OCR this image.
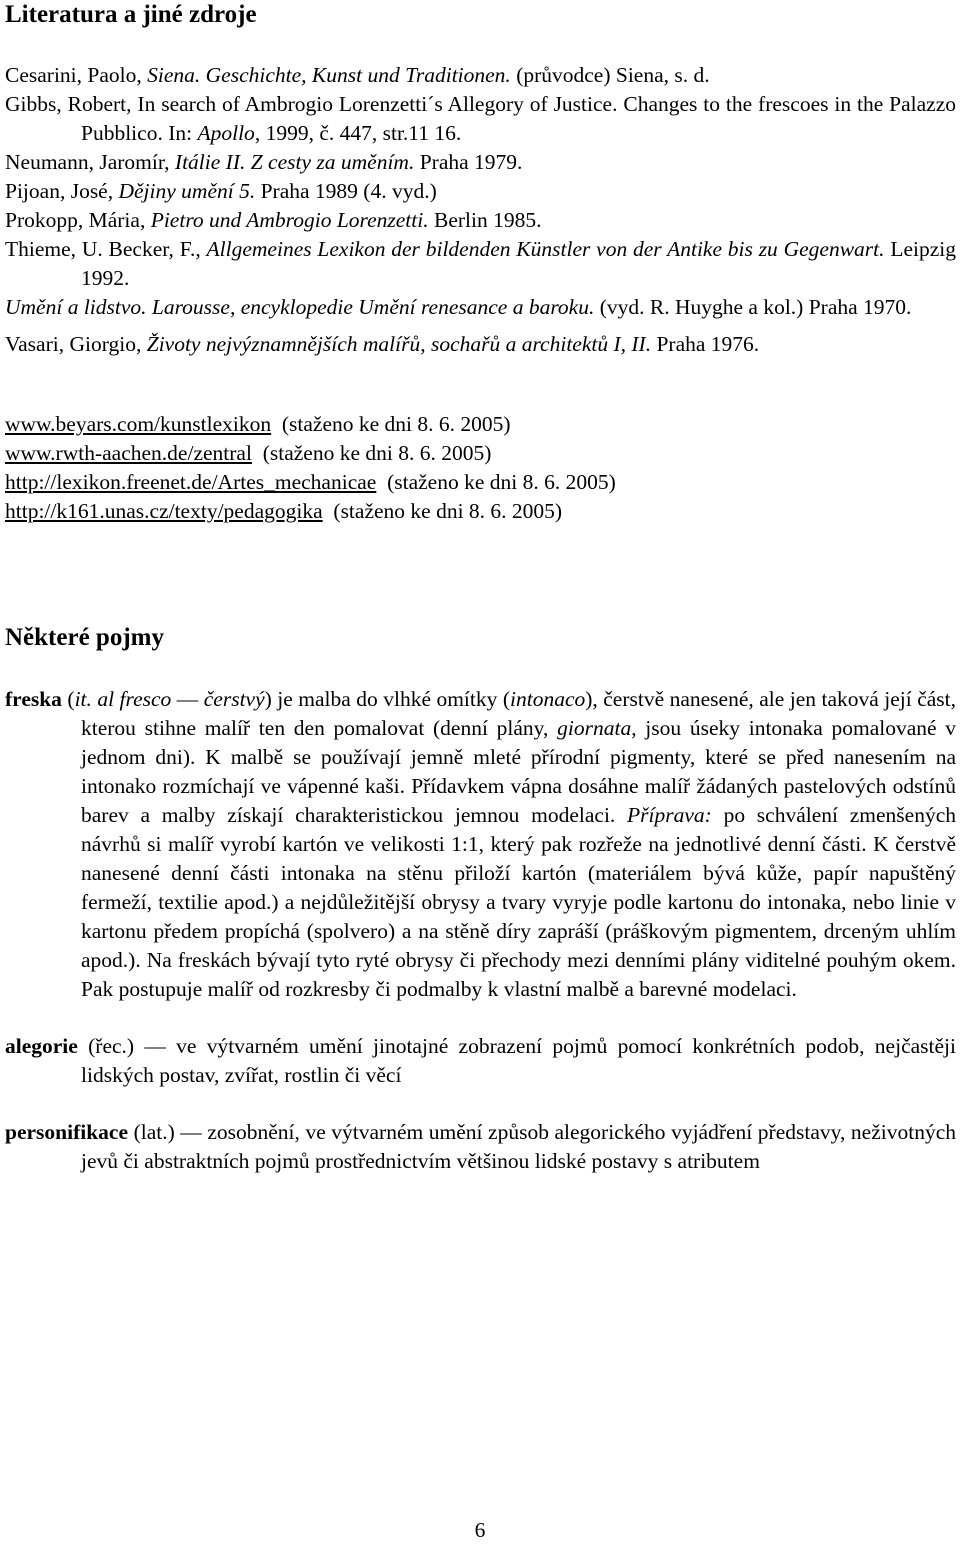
Literatura a jiné zdroje
Cesarini, Paolo, Siena. Geschichte, Kunst und Traditionen. (průvodce) Siena, s. d.
Gibbs, Robert, In search of Ambrogio Lorenzetti´s Allegory of Justice. Changes to the frescoes in the Palazzo Pubblico. In: Apollo, 1999, č. 447, str.11 16.
Neumann, Jaromír, Itálie II. Z cesty za uměním. Praha 1979.
Pijoan, José, Dějiny umění 5. Praha 1989 (4. vyd.)
Prokopp, Mária, Pietro und Ambrogio Lorenzetti. Berlin 1985.
Thieme, U. Becker, F., Allgemeines Lexikon der bildenden Künstler von der Antike bis zu Gegenwart. Leipzig 1992.
Umění a lidstvo. Larousse, encyklopedie Umění renesance a baroku. (vyd. R. Huyghe a kol.) Praha 1970.
Vasari, Giorgio, Životy nejvýznamnějších malířů, sochařů a architektů I, II. Praha 1976.
www.beyars.com/kunstlexikon  (staženo ke dni 8. 6. 2005)
www.rwth-aachen.de/zentral  (staženo ke dni 8. 6. 2005)
http://lexikon.freenet.de/Artes_mechanicae  (staženo ke dni 8. 6. 2005)
http://k161.unas.cz/texty/pedagogika  (staženo ke dni 8. 6. 2005)
Některé pojmy
freska (it. al fresco — čerstvý) je malba do vlhké omítky (intonaco), čerstvě nanesené, ale jen taková její část, kterou stihne malíř ten den pomalovat (denní plány, giornata, jsou úseky intonaka pomalované v jednom dni). K malbě se používají jemně mleté přírodní pigmenty, které se před nanesením na intonako rozmíchají ve vápenné kaši. Přídavkem vápna dosáhne malíř žádaných pastelových odstínů barev a malby získají charakteristickou jemnou modelaci. Příprava: po schválení zmenšených návrhů si malíř vyrobí kartón ve velikosti 1:1, který pak rozřeže na jednotlivé denní části. K čerstvě nanesené denní části intonaka na stěnu přiloží kartón (materiálem bývá kůže, papír napuštěný fermeží, textilie apod.) a nejdůležitější obrysy a tvary vyryje podle kartonu do intonaka, nebo linie v kartonu předem propíchá (spolvero) a na stěně díry zapráší (práškovým pigmentem, drceným uhlím apod.). Na freskách bývají tyto ryté obrysy či přechody mezi denními plány viditelné pouhým okem. Pak postupuje malíř od rozkresby či podmalby k vlastní malbě a barevné modelaci.
alegorie (řec.) — ve výtvarném umění jinotajné zobrazení pojmů pomocí konkrétních podob, nejčastěji lidských postav, zvířat, rostlin či věcí
personifikace (lat.) — zosobnění, ve výtvarném umění způsob alegorického vyjádření představy, neživotných jevů či abstraktních pojmů prostřednictvím většinou lidské postavy s atributem
6
